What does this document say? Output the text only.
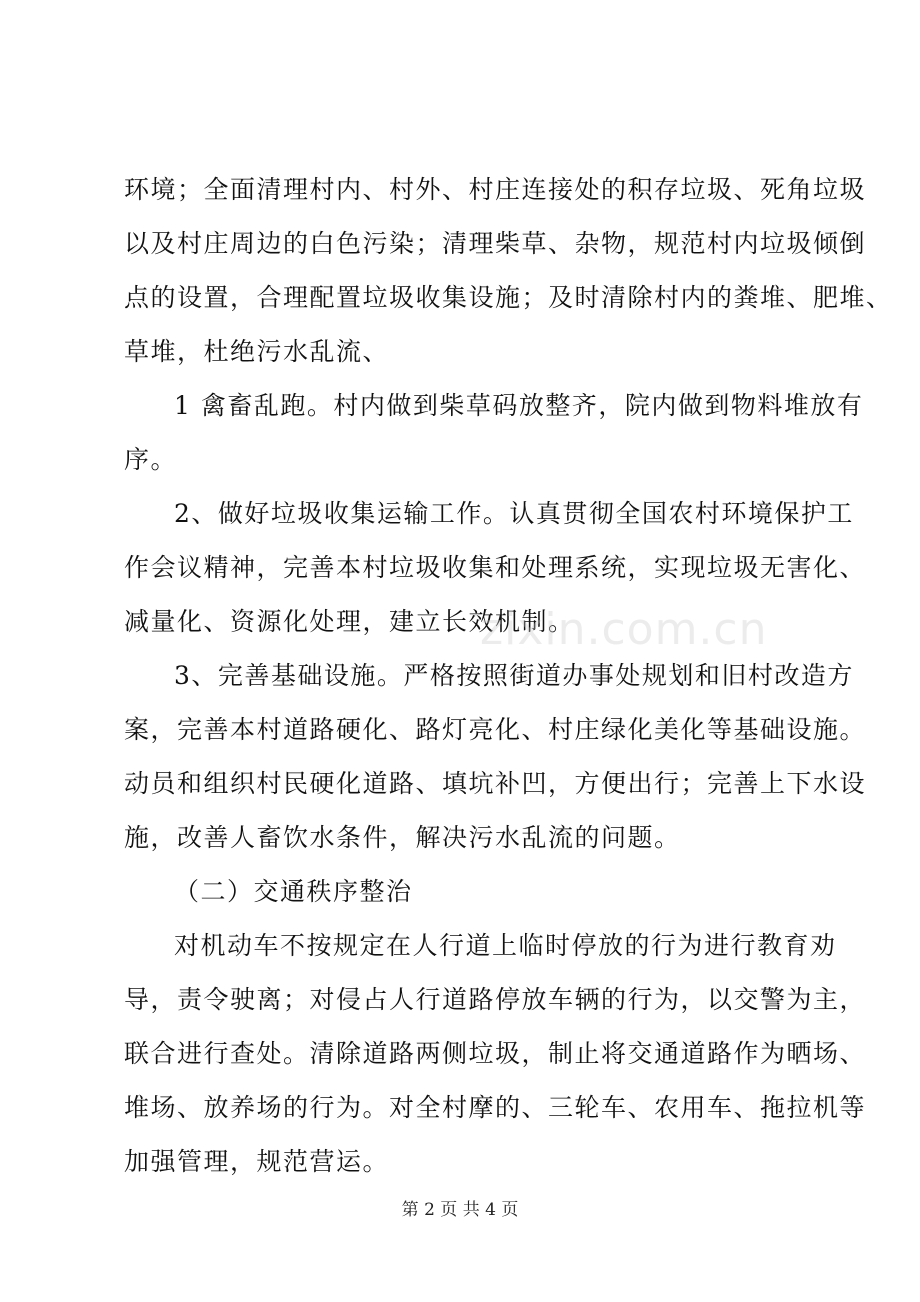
环境；全面清理村内、村外、村庄连接处的积存垃圾、死角垃圾
以及村庄周边的白色污染；清理柴草、杂物，规范村内垃圾倾倒
点的设置，合理配置垃圾收集设施；及时清除村内的粪堆、肥堆、
草堆，杜绝污水乱流、
1 禽畜乱跑。村内做到柴草码放整齐，院内做到物料堆放有
序。
2、做好垃圾收集运输工作。认真贯彻全国农村环境保护工
作会议精神，完善本村垃圾收集和处理系统，实现垃圾无害化、
减量化、资源化处理，建立长效机制。
3、完善基础设施。严格按照街道办事处规划和旧村改造方
案，完善本村道路硬化、路灯亮化、村庄绿化美化等基础设施。
动员和组织村民硬化道路、填坑补凹，方便出行；完善上下水设
施，改善人畜饮水条件，解决污水乱流的问题。
（二）交通秩序整治
对机动车不按规定在人行道上临时停放的行为进行教育劝
导，责令驶离；对侵占人行道路停放车辆的行为，以交警为主，
联合进行查处。清除道路两侧垃圾，制止将交通道路作为晒场、
堆场、放养场的行为。对全村摩的、三轮车、农用车、拖拉机等
加强管理，规范营运。
zixin.com.cn
第 2 页 共 4 页
